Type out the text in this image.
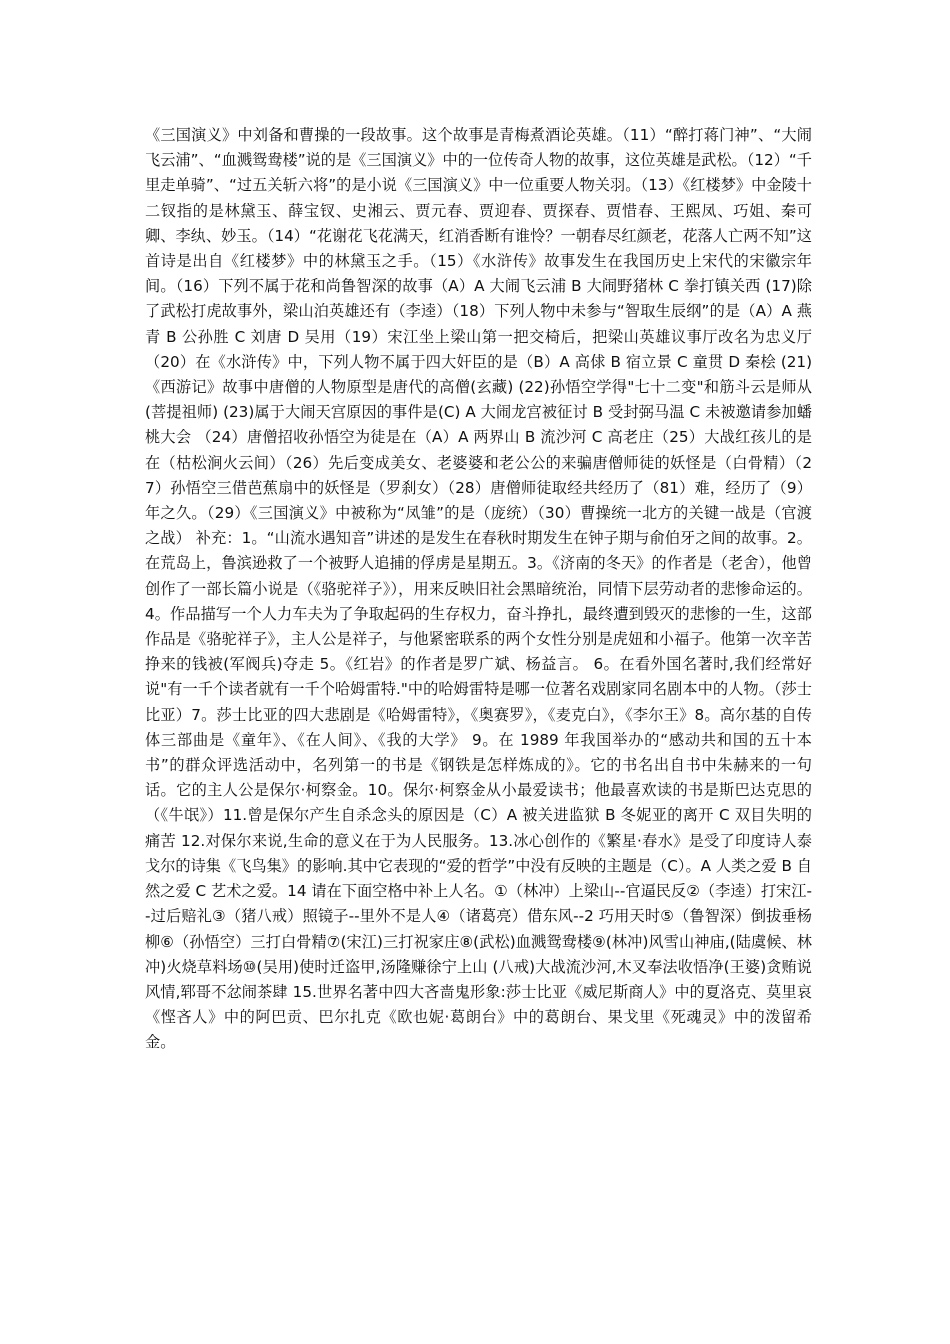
《三国演义》中刘备和曹操的一段故事。这个故事是青梅煮酒论英雄。（11）“醉打蒋门神”、“大闹飞云浦”、“血溅鸳鸯楼”说的是《三国演义》中的一位传奇人物的故事，这位英雄是武松。（12）“千里走单骑”、“过五关斩六将”的是小说《三国演义》中一位重要人物关羽。（13）《红楼梦》中金陵十二钗指的是林黛玉、薛宝钗、史湘云、贾元春、贾迎春、贾探春、贾惜春、王熙凤、巧姐、秦可卿、李纨、妙玉。（14）“花谢花飞花满天，红消香断有谁怜？一朝春尽红颜老，花落人亡两不知”这首诗是出自《红楼梦》中的林黛玉之手。（15）《水浒传》故事发生在我国历史上宋代的宋徽宗年间。（16）下列不属于花和尚鲁智深的故事（A）A 大闹飞云浦 B 大闹野猪林 C 拳打镇关西 (17)除了武松打虎故事外，梁山泊英雄还有（李逵）（18）下列人物中未参与“智取生辰纲”的是（A）A 燕青 B 公孙胜 C 刘唐 D 吴用（19）宋江坐上梁山第一把交椅后，把梁山英雄议事厅改名为忠义厅（20）在《水浒传》中，下列人物不属于四大奸臣的是（B）A 高俅 B 宿立景 C 童贯 D 秦桧 (21)《西游记》故事中唐僧的人物原型是唐代的高僧(玄藏) (22)孙悟空学得"七十二变"和筋斗云是师从(菩提祖师) (23)属于大闹天宫原因的事件是(C) A 大闹龙宫被征讨 B 受封弼马温 C 未被邀请参加蟠桃大会 （24）唐僧招收孙悟空为徒是在（A）A 两界山 B 流沙河 C 高老庄（25）大战红孩儿的是在（枯松涧火云间）（26）先后变成美女、老婆婆和老公公的来骗唐僧师徒的妖怪是（白骨精）（27）孙悟空三借芭蕉扇中的妖怪是（罗刹女）（28）唐僧师徒取经共经历了（81）难，经历了（9）年之久。（29）《三国演义》中被称为“凤雏”的是（庞统）（30）曹操统一北方的关键一战是（官渡之战） 补充：1。“山流水遇知音”讲述的是发生在春秋时期发生在钟子期与俞伯牙之间的故事。2。在荒岛上，鲁滨逊救了一个被野人追捕的俘虏是星期五。3。《济南的冬天》的作者是（老舍），他曾创作了一部长篇小说是（《骆驼祥子》），用来反映旧社会黑暗统治，同情下层劳动者的悲惨命运的。4。作品描写一个人力车夫为了争取起码的生存权力，奋斗挣扎，最终遭到毁灭的悲惨的一生，这部作品是《骆驼祥子》，主人公是祥子，与他紧密联系的两个女性分别是虎妞和小福子。他第一次辛苦挣来的钱被(军阀兵)夺走 5。《红岩》的作者是罗广斌、杨益言。 6。在看外国名著时,我们经常好说"有一千个读者就有一千个哈姆雷特."中的哈姆雷特是哪一位著名戏剧家同名剧本中的人物。（莎士比亚）7。莎士比亚的四大悲剧是《哈姆雷特》，《奥赛罗》，《麦克白》，《李尔王》8。高尔基的自传体三部曲是《童年》、《在人间》、《我的大学》 9。在 1989 年我国举办的“感动共和国的五十本书”的群众评选活动中，名列第一的书是《钢铁是怎样炼成的》。它的书名出自书中朱赫来的一句话。它的主人公是保尔·柯察金。10。保尔·柯察金从小最爱读书；他最喜欢读的书是斯巴达克思的（《牛氓》）11.曾是保尔产生自杀念头的原因是（C）A 被关进监狱 B 冬妮亚的离开 C 双目失明的痛苦 12.对保尔来说,生命的意义在于为人民服务。13.冰心创作的《繁星·春水》是受了印度诗人泰戈尔的诗集《飞鸟集》的影响.其中它表现的“爱的哲学”中没有反映的主题是（C）。A 人类之爱 B 自然之爱 C 艺术之爱。14 请在下面空格中补上人名。①（林冲）上梁山--官逼民反②（李逵）打宋江--过后赔礼③（猪八戒）照镜子--里外不是人④（诸葛亮）借东风--2 巧用天时⑤（鲁智深）倒拔垂杨柳⑥（孙悟空）三打白骨精⑦(宋江)三打祝家庄⑧(武松)血溅鸳鸯楼⑨(林冲)风雪山神庙,(陆虞候、林冲)火烧草料场⑩(吴用)使时迁盗甲,汤隆赚徐宁上山 (八戒)大战流沙河,木叉奉法收悟净(王婆)贪贿说风情,郓哥不忿闹茶肆 15.世界名著中四大吝啬鬼形象:莎士比亚《威尼斯商人》中的夏洛克、莫里哀《悭吝人》中的阿巴贡、巴尔扎克《欧也妮·葛朗台》中的葛朗台、果戈里《死魂灵》中的泼留希金。
